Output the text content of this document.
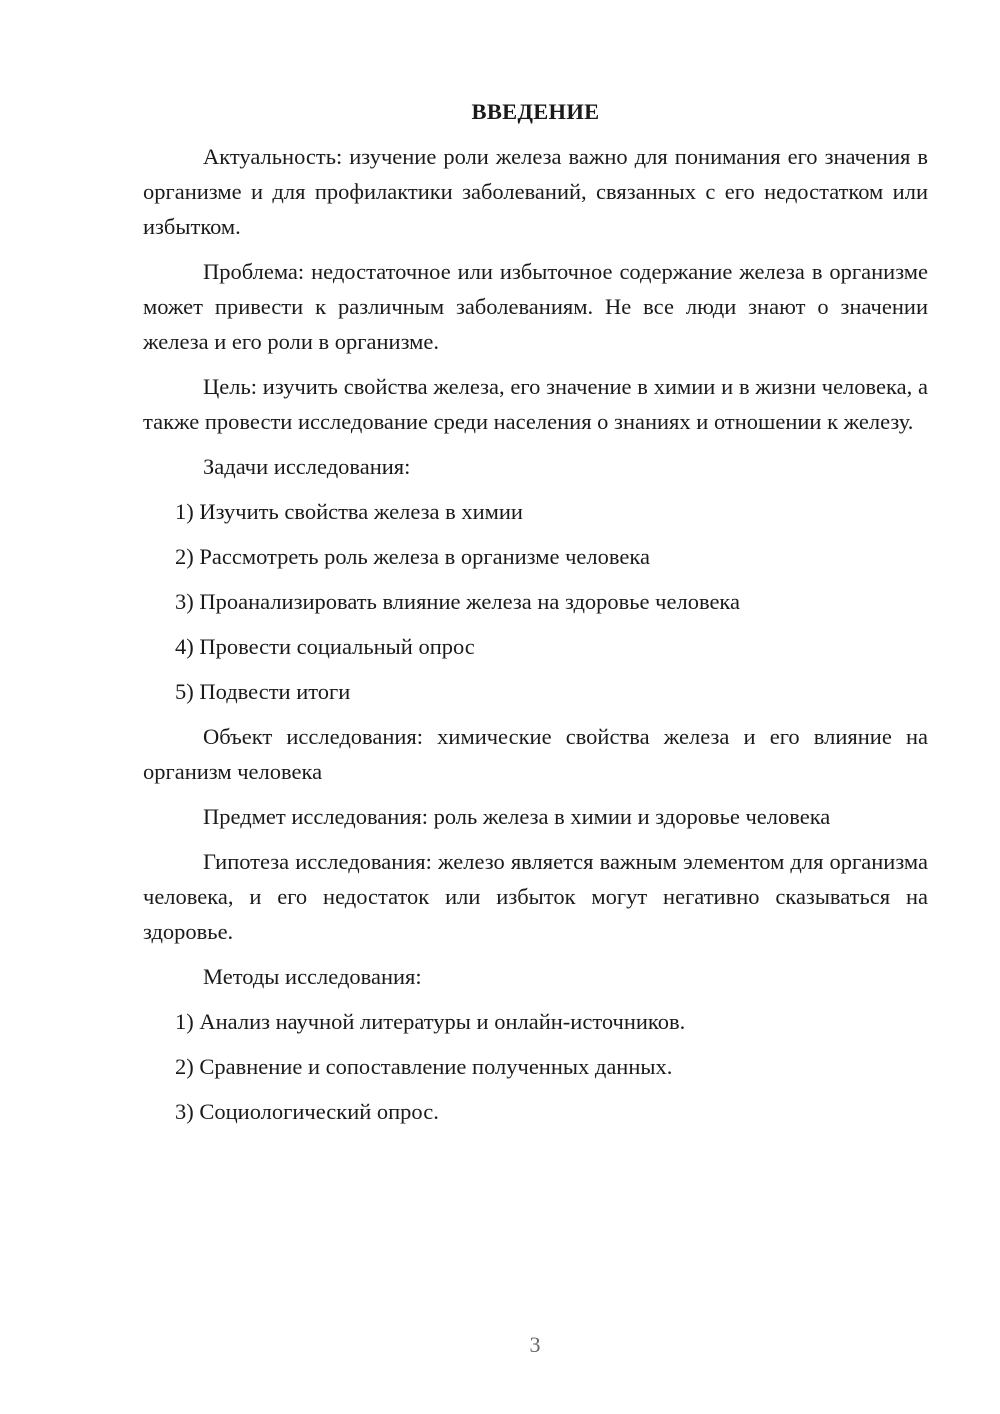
ВВЕДЕНИЕ

Актуальность: изучение роли железа важно для понимания его значения в организме и для профилактики заболеваний, связанных с его недостатком или избытком.

Проблема: недостаточное или избыточное содержание железа в организме может привести к различным заболеваниям. Не все люди знают о значении железа и его роли в организме.

Цель: изучить свойства железа, его значение в химии и в жизни человека, а также провести исследование среди населения о знаниях и отношении к железу.

Задачи исследования:

1) Изучить свойства железа в химии
2) Рассмотреть роль железа в организме человека
3) Проанализировать влияние железа на здоровье человека
4) Провести социальный опрос
5) Подвести итоги

Объект исследования: химические свойства железа и его влияние на организм человека

Предмет исследования: роль железа в химии и здоровье человека

Гипотеза исследования: железо является важным элементом для организма человека, и его недостаток или избыток могут негативно сказываться на здоровье.

Методы исследования:

1) Анализ научной литературы и онлайн-источников.
2) Сравнение и сопоставление полученных данных.
3) Социологический опрос.
3
